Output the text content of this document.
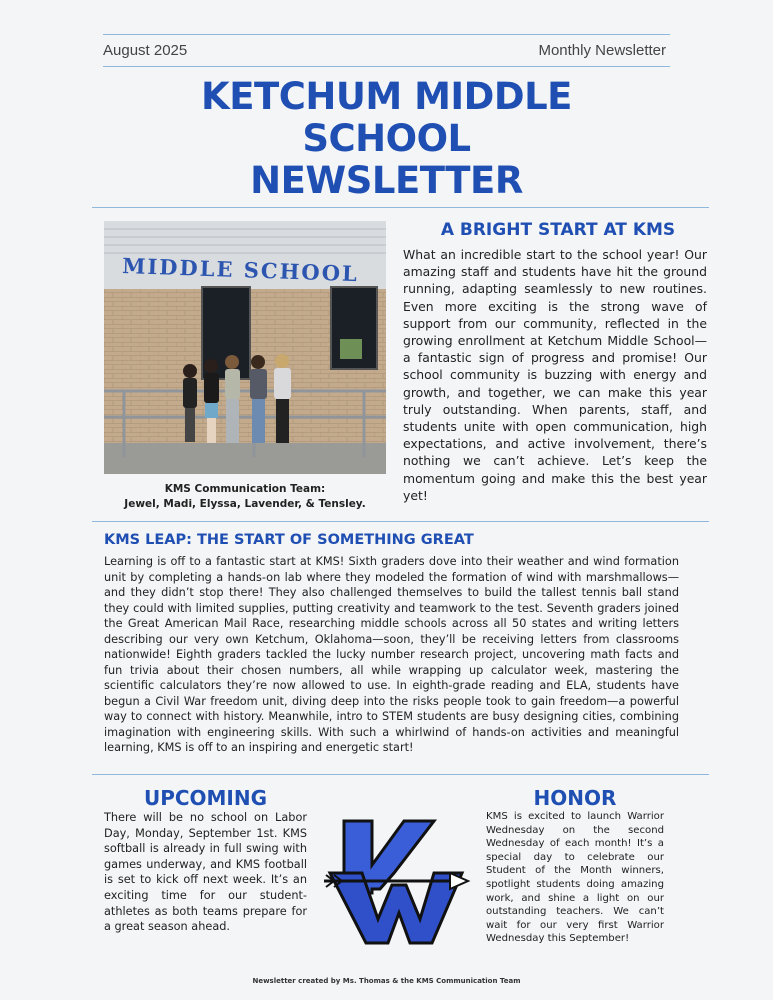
August 2025	Monthly Newsletter
KETCHUM MIDDLE
SCHOOL
NEWSLETTER
MIDDLE SCHOOL
KMS Communication Team:
Jewel, Madi, Elyssa, Lavender, & Tensley.
A BRIGHT START AT KMS
What an incredible start to the school year! Our amazing staff and students have hit the ground running, adapting seamlessly to new routines. Even more exciting is the strong wave of support from our community, reflected in the growing enrollment at Ketchum Middle School—a fantastic sign of progress and promise! Our school community is buzzing with energy and growth, and together, we can make this year truly outstanding. When parents, staff, and students unite with open communication, high expectations, and active involvement, there’s nothing we can’t achieve. Let’s keep the momentum going and make this the best year yet!
KMS LEAP: THE START OF SOMETHING GREAT
Learning is off to a fantastic start at KMS! Sixth graders dove into their weather and wind formation unit by completing a hands-on lab where they modeled the formation of wind with marshmallows—and they didn’t stop there! They also challenged themselves to build the tallest tennis ball stand they could with limited supplies, putting creativity and teamwork to the test. Seventh graders joined the Great American Mail Race, researching middle schools across all 50 states and writing letters describing our very own Ketchum, Oklahoma—soon, they’ll be receiving letters from classrooms nationwide! Eighth graders tackled the lucky number research project, uncovering math facts and fun trivia about their chosen numbers, all while wrapping up calculator week, mastering the scientific calculators they’re now allowed to use. In eighth-grade reading and ELA, students have begun a Civil War freedom unit, diving deep into the risks people took to gain freedom—a powerful way to connect with history. Meanwhile, intro to STEM students are busy designing cities, combining imagination with engineering skills. With such a whirlwind of hands-on activities and meaningful learning, KMS is off to an inspiring and energetic start!
UPCOMING
There will be no school on Labor Day, Monday, September 1st. KMS softball is already in full swing with games underway, and KMS football is set to kick off next week. It’s an exciting time for our student-athletes as both teams prepare for a great season ahead.
HONOR
KMS is excited to launch Warrior Wednesday on the second Wednesday of each month! It’s a special day to celebrate our Student of the Month winners, spotlight students doing amazing work, and shine a light on our outstanding teachers. We can’t wait for our very first Warrior Wednesday this September!
Newsletter created by Ms. Thomas & the KMS Communication Team
